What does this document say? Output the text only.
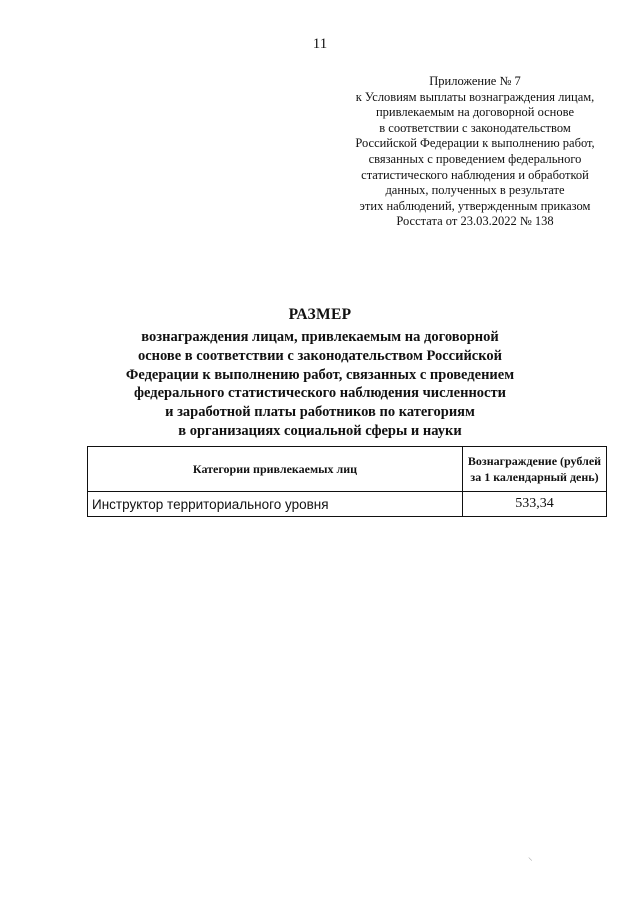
11
Приложение № 7
к Условиям выплаты вознаграждения лицам,
привлекаемым на договорной основе
в соответствии с законодательством
Российской Федерации к выполнению работ,
связанных с проведением федерального
статистического наблюдения и обработкой
данных, полученных в результате
этих наблюдений, утвержденным приказом
Росстата от 23.03.2022 № 138
РАЗМЕР
вознаграждения лицам, привлекаемым на договорной
основе в соответствии с законодательством Российской
Федерации к выполнению работ, связанных с проведением
федерального статистического наблюдения численности
и заработной платы работников по категориям
в организациях социальной сферы и науки
Категории привлекаемых лиц	Вознаграждение (рублей
за 1 календарный день)

Инструктор территориального уровня	533,34
⸜
